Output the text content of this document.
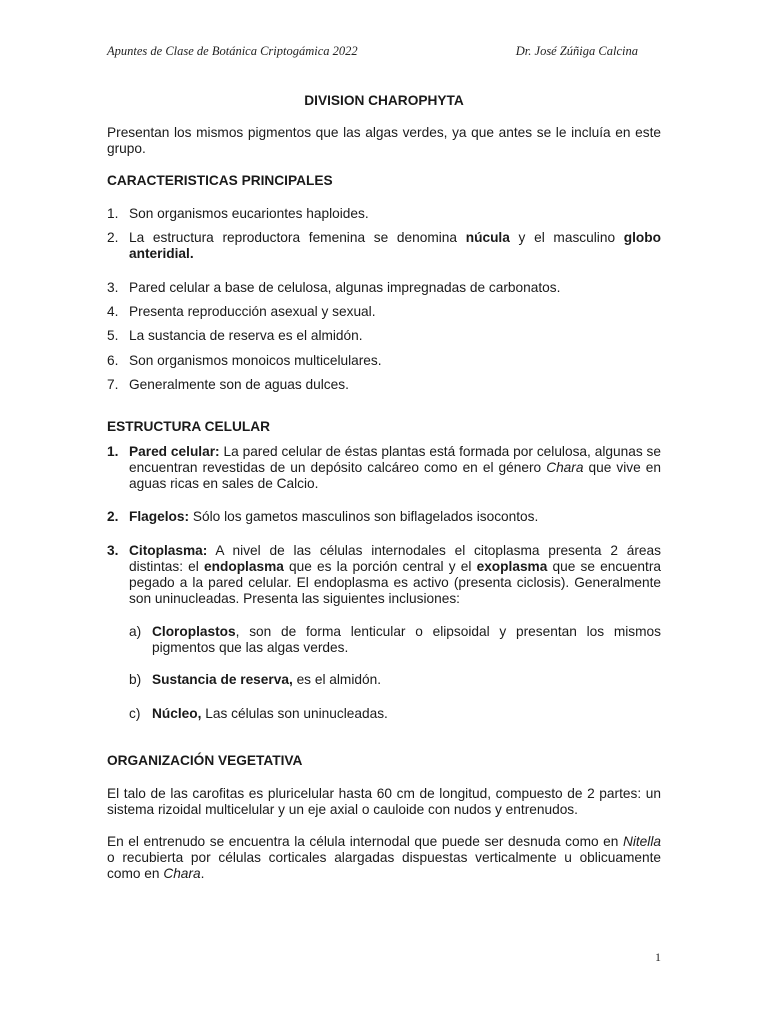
Apuntes de Clase de Botánica Criptogámica 2022	Dr. José Zúñiga Calcina
DIVISION CHAROPHYTA
Presentan los mismos pigmentos que las algas verdes, ya que antes se le incluía en este grupo.
CARACTERISTICAS PRINCIPALES
1. Son organismos eucariontes haploides.
2. La estructura reproductora femenina se denomina núcula y el masculino globo anteridial.
3. Pared celular a base de celulosa, algunas impregnadas de carbonatos.
4. Presenta reproducción asexual y sexual.
5. La sustancia de reserva es el almidón.
6. Son organismos monoicos multicelulares.
7. Generalmente son de aguas dulces.
ESTRUCTURA CELULAR
1. Pared celular: La pared celular de éstas plantas está formada por celulosa, algunas se encuentran revestidas de un depósito calcáreo como en el género Chara que vive en aguas ricas en sales de Calcio.
2. Flagelos: Sólo los gametos masculinos son biflagelados isocontos.
3. Citoplasma: A nivel de las células internodales el citoplasma presenta 2 áreas distintas: el endoplasma que es la porción central y el exoplasma que se encuentra pegado a la pared celular. El endoplasma es activo (presenta ciclosis). Generalmente son uninucleadas. Presenta las siguientes inclusiones:
a) Cloroplastos, son de forma lenticular o elipsoidal y presentan los mismos pigmentos que las algas verdes.
b) Sustancia de reserva, es el almidón.
c) Núcleo, Las células son uninucleadas.
ORGANIZACIÓN VEGETATIVA
El talo de las carofitas es pluricelular hasta 60 cm de longitud, compuesto de 2 partes: un sistema rizoidal multicelular y un eje axial o cauloide con nudos y entrenudos.
En el entrenudo se encuentra la célula internodal que puede ser desnuda como en Nitella o recubierta por células corticales alargadas dispuestas verticalmente u oblicuamente como en Chara.
1
